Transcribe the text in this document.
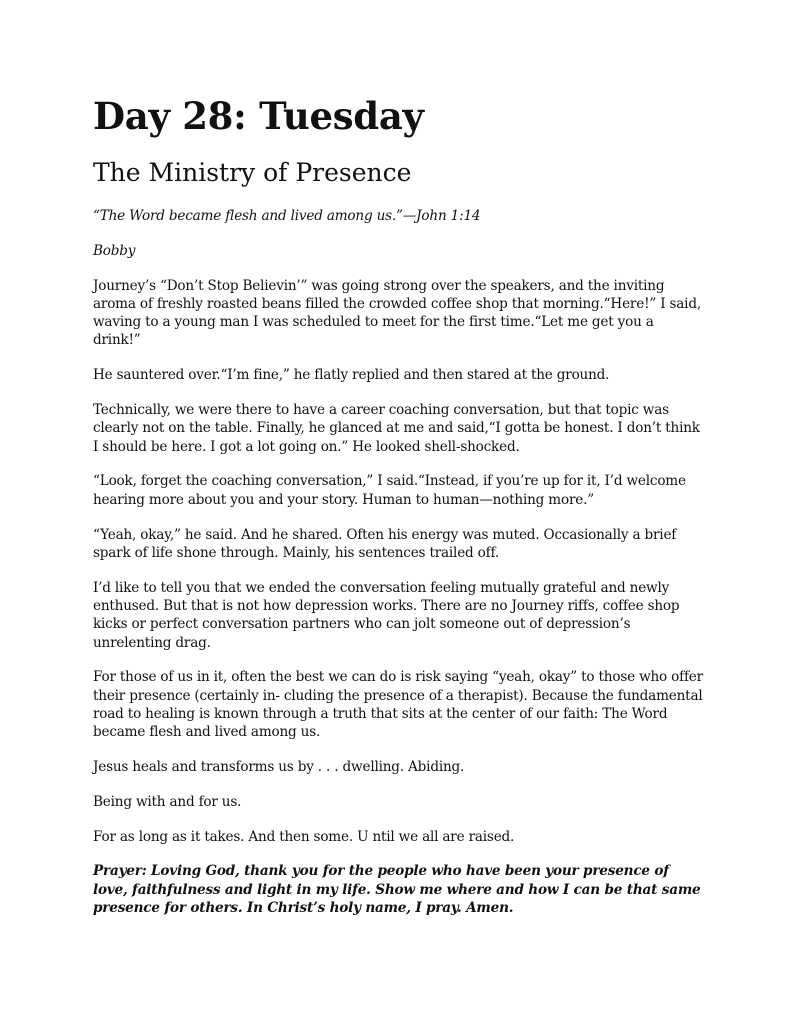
Day 28: Tuesday
The Ministry of Presence

“The Word became flesh and lived among us.”—John 1:14

Bobby

Journey’s “Don’t Stop Believin’” was going strong over the speakers, and the inviting aroma of freshly roasted beans filled the crowded coffee shop that morning.“Here!” I said, waving to a young man I was scheduled to meet for the first time.“Let me get you a drink!”

He sauntered over.“I’m fine,” he flatly replied and then stared at the ground.

Technically, we were there to have a career coaching conversation, but that topic was clearly not on the table. Finally, he glanced at me and said,“I gotta be honest. I don’t think I should be here. I got a lot going on.” He looked shell-shocked.

“Look, forget the coaching conversation,” I said.“Instead, if you’re up for it, I’d welcome hearing more about you and your story. Human to human—nothing more.”

“Yeah, okay,” he said. And he shared. Often his energy was muted. Occasionally a brief spark of life shone through. Mainly, his sentences trailed off.

I’d like to tell you that we ended the conversation feeling mutually grateful and newly enthused. But that is not how depression works. There are no Journey riffs, coffee shop kicks or perfect conversation partners who can jolt someone out of depression’s unrelenting drag.

For those of us in it, often the best we can do is risk saying “yeah, okay” to those who offer their presence (certainly in- cluding the presence of a therapist). Because the fundamental road to healing is known through a truth that sits at the center of our faith: The Word became flesh and lived among us.

Jesus heals and transforms us by . . . dwelling. Abiding.

Being with and for us.

For as long as it takes. And then some. U ntil we all are raised.

Prayer: Loving God, thank you for the people who have been your presence of love, faithfulness and light in my life. Show me where and how I can be that same presence for others. In Christ’s holy name, I pray. Amen.
